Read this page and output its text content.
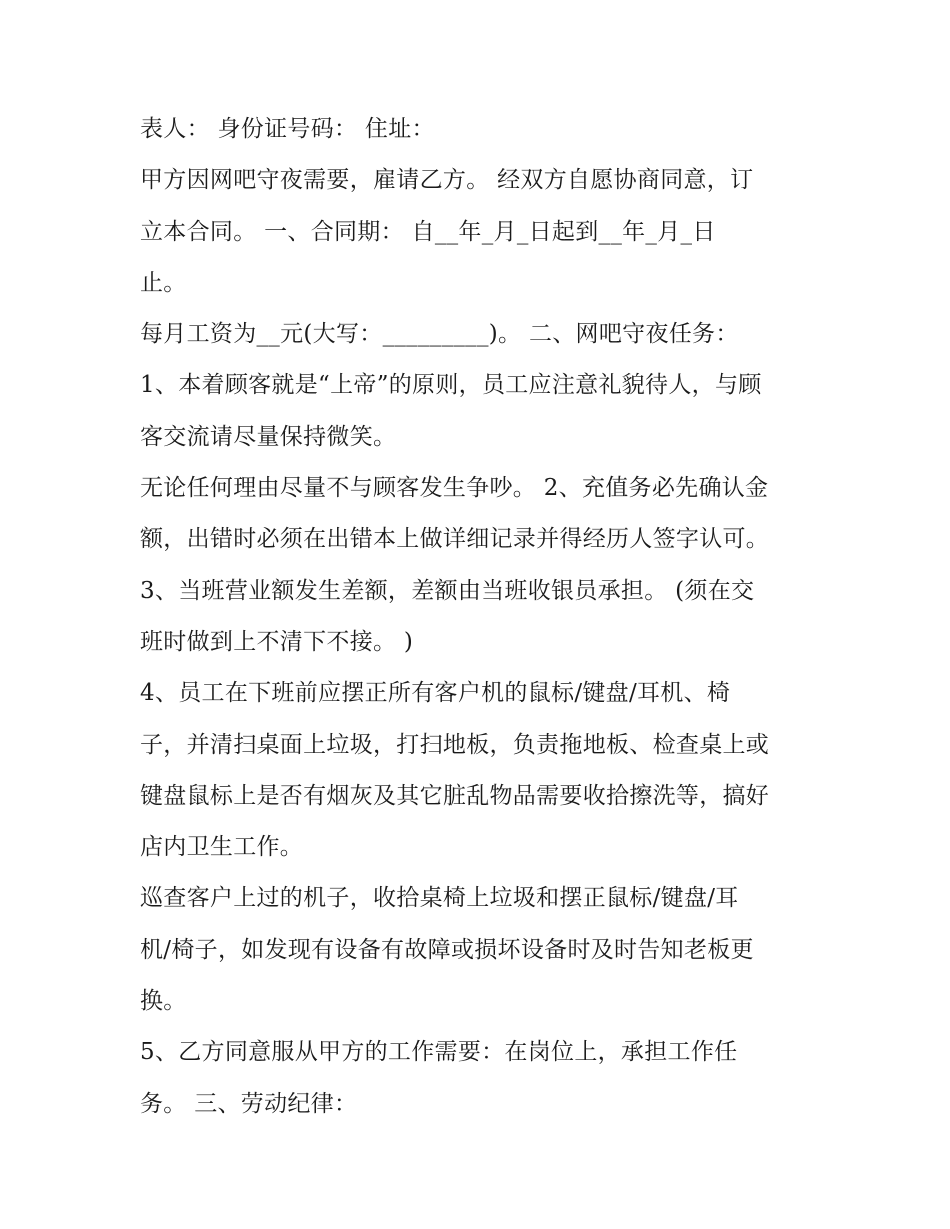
表人： 身份证号码： 住址：
甲方因网吧守夜需要，雇请乙方。 经双方自愿协商同意，订
立本合同。 一、合同期： 自__年_月_日起到__年_月_日
止。
每月工资为__元(大写：_________)。 二、网吧守夜任务：
1、本着顾客就是“上帝”的原则，员工应注意礼貌待人，与顾
客交流请尽量保持微笑。
无论任何理由尽量不与顾客发生争吵。 2、充值务必先确认金
额，出错时必须在出错本上做详细记录并得经历人签字认可。
3、当班营业额发生差额，差额由当班收银员承担。 (须在交
班时做到上不清下不接。 )
4、员工在下班前应摆正所有客户机的鼠标/键盘/耳机、椅
子，并清扫桌面上垃圾，打扫地板，负责拖地板、检查桌上或
键盘鼠标上是否有烟灰及其它脏乱物品需要收拾擦洗等，搞好
店内卫生工作。
巡查客户上过的机子，收拾桌椅上垃圾和摆正鼠标/键盘/耳
机/椅子，如发现有设备有故障或损坏设备时及时告知老板更
换。
5、乙方同意服从甲方的工作需要：在岗位上，承担工作任
务。 三、劳动纪律：
